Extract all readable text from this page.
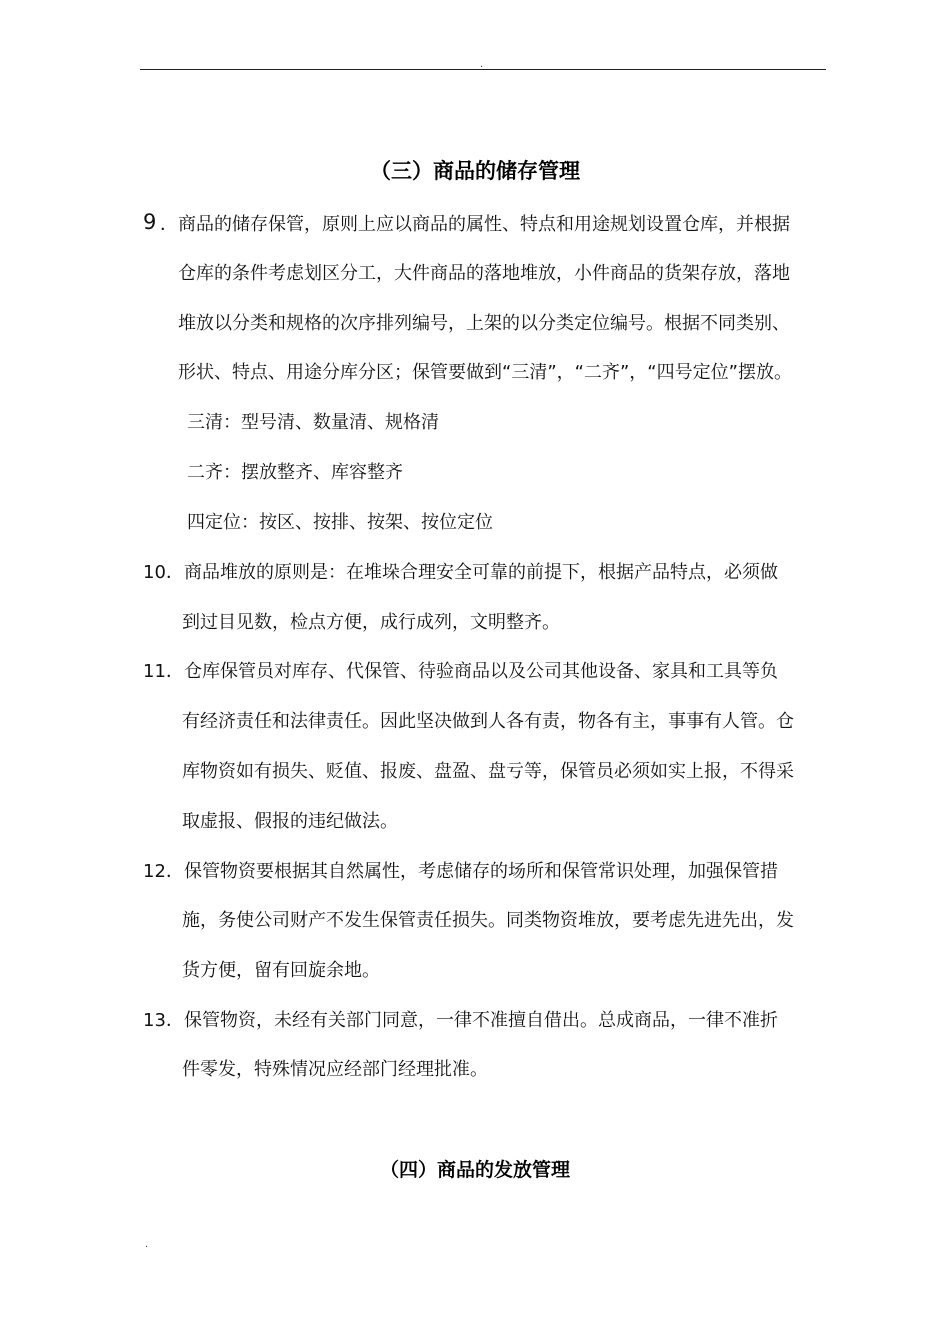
.
（三）商品的储存管理
9 ．商品的储存保管，原则上应以商品的属性、特点和用途规划设置仓库，并根据
仓库的条件考虑划区分工，大件商品的落地堆放，小件商品的货架存放，落地
堆放以分类和规格的次序排列编号，上架的以分类定位编号。根据不同类别、
形状、特点、用途分库分区；保管要做到“三清”，“二齐”，“四号定位”摆放。
三清：型号清、数量清、规格清
二齐：摆放整齐、库容整齐
四定位：按区、按排、按架、按位定位
10 ．商品堆放的原则是：在堆垛合理安全可靠的前提下，根据产品特点，必须做
到过目见数，检点方便，成行成列，文明整齐。
11 ．仓库保管员对库存、代保管、待验商品以及公司其他设备、家具和工具等负
有经济责任和法律责任。因此坚决做到人各有责，物各有主，事事有人管。仓
库物资如有损失、贬值、报废、盘盈、盘亏等，保管员必须如实上报，不得采
取虚报、假报的违纪做法。
12 ．保管物资要根据其自然属性，考虑储存的场所和保管常识处理，加强保管措
施，务使公司财产不发生保管责任损失。同类物资堆放，要考虑先进先出，发
货方便，留有回旋余地。
13 ．保管物资，未经有关部门同意，一律不准擅自借出。总成商品，一律不准折
件零发，特殊情况应经部门经理批准。
（四）商品的发放管理
.
